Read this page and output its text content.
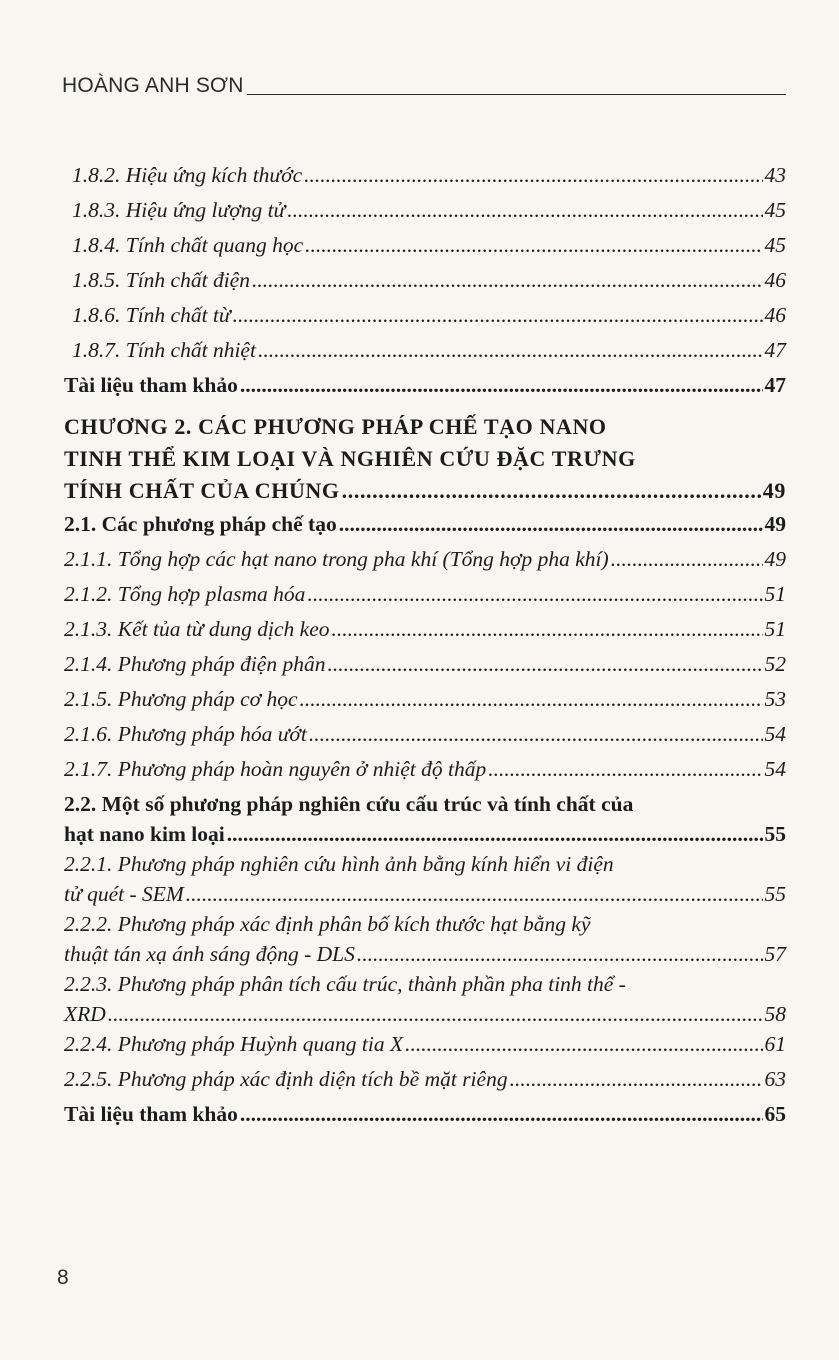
HOÀNG ANH SƠN
1.8.2. Hiệu ứng kích thước .....	43
1.8.3. Hiệu ứng lượng tử .....	45
1.8.4. Tính chất quang học .....	45
1.8.5. Tính chất điện .....	46
1.8.6. Tính chất từ .....	46
1.8.7. Tính chất nhiệt .....	47
Tài liệu tham khảo .....	47
CHƯƠNG 2. CÁC PHƯƠNG PHÁP CHẾ TẠO NANO
TINH THỂ KIM LOẠI VÀ NGHIÊN CỨU ĐẶC TRƯNG
TÍNH CHẤT CỦA CHÚNG .....	49
2.1. Các phương pháp chế tạo .....	49
2.1.1. Tổng hợp các hạt nano trong pha khí (Tổng hợp pha khí) .....	49
2.1.2. Tổng hợp plasma hóa .....	51
2.1.3. Kết tủa từ dung dịch keo .....	51
2.1.4. Phương pháp điện phân .....	52
2.1.5. Phương pháp cơ học .....	53
2.1.6. Phương pháp hóa ướt .....	54
2.1.7. Phương pháp hoàn nguyên ở nhiệt độ thấp .....	54
2.2. Một số phương pháp nghiên cứu cấu trúc và tính chất của
hạt nano kim loại .....	55
2.2.1. Phương pháp nghiên cứu hình ảnh bằng kính hiển vi điện
tử quét - SEM .....	55
2.2.2. Phương pháp xác định phân bố kích thước hạt bằng kỹ
thuật tán xạ ánh sáng động - DLS .....	57
2.2.3. Phương pháp phân tích cấu trúc, thành phần pha tinh thể -
XRD .....	58
2.2.4. Phương pháp Huỳnh quang tia X .....	61
2.2.5. Phương pháp xác định diện tích bề mặt riêng .....	63
Tài liệu tham khảo .....	65
8
